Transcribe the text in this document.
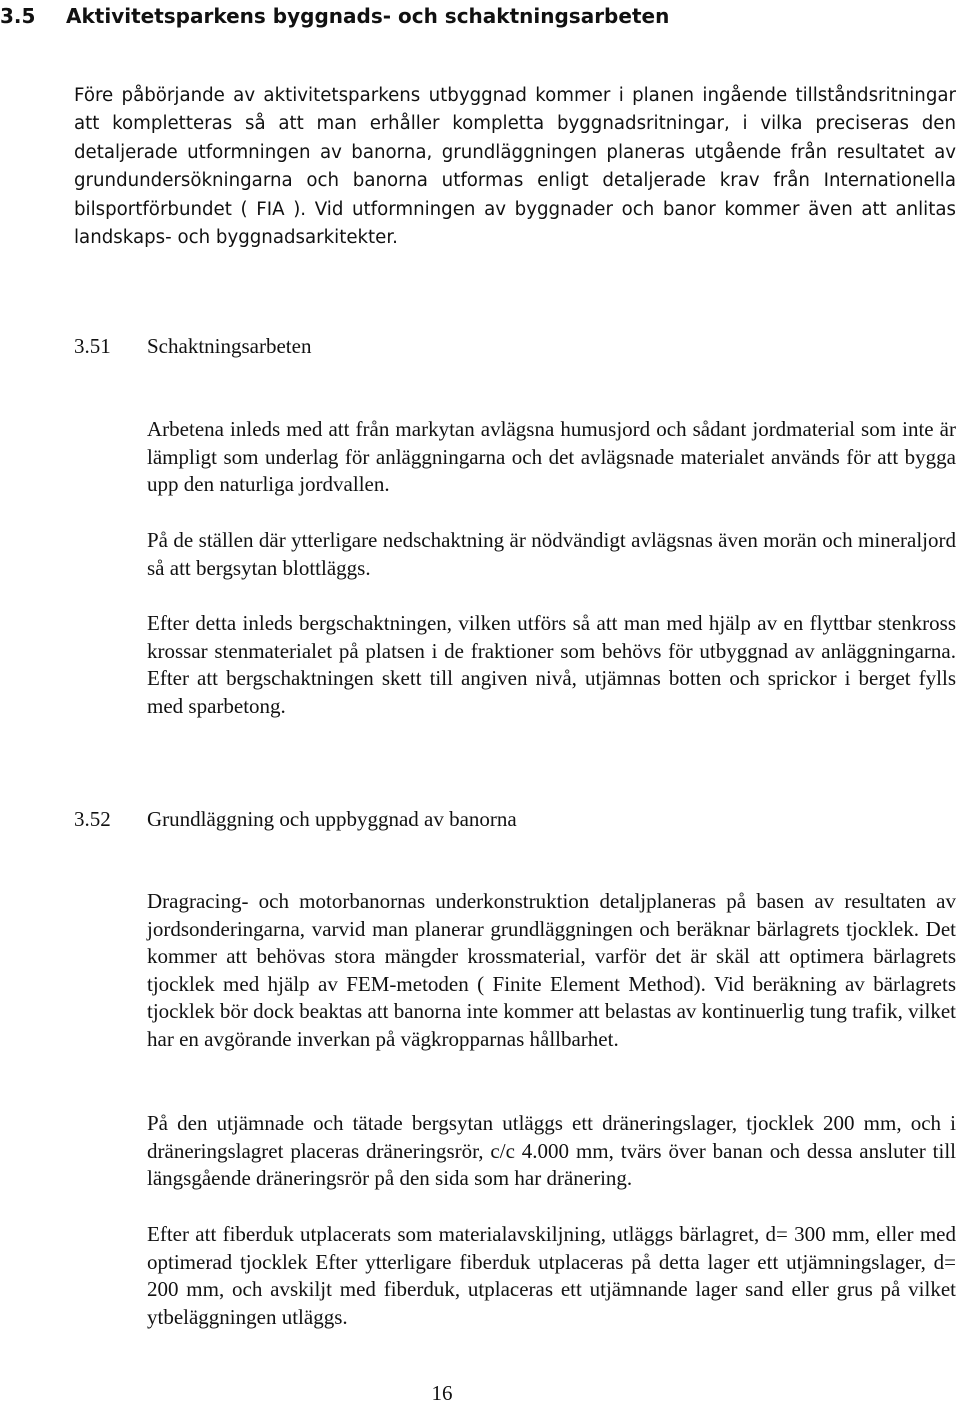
3.5 Aktivitetsparkens byggnads- och schaktningsarbeten

Före påbörjande av aktivitetsparkens utbyggnad kommer i planen ingående tillståndsritningar att kompletteras så att man erhåller kompletta byggnadsritningar, i vilka preciseras den detaljerade utformningen av banorna, grundläggningen planeras utgående från resultatet av grundundersökningarna och banorna utformas enligt detaljerade krav från Internationella bilsportförbundet ( FIA ). Vid utformningen av byggnader och banor kommer även att anlitas landskaps- och byggnadsarkitekter.

3.51 Schaktningsarbeten

Arbetena inleds med att från markytan avlägsna humusjord och sådant jordmaterial som inte är lämpligt som underlag för anläggningarna och det avlägsnade materialet används för att bygga upp den naturliga jordvallen.

På de ställen där ytterligare nedschaktning är nödvändigt avlägsnas även morän och mineraljord så att bergsytan blottläggs.

Efter detta inleds bergschaktningen, vilken utförs så att man med hjälp av en flyttbar stenkross krossar stenmaterialet på platsen i de fraktioner som behövs för utbyggnad av anläggningarna. Efter att bergschaktningen skett till angiven nivå, utjämnas botten och sprickor i berget fylls med sparbetong.

3.52 Grundläggning och uppbyggnad av banorna

Dragracing- och motorbanornas underkonstruktion detaljplaneras på basen av resultaten av jordsonderingarna, varvid man planerar grundläggningen och beräknar bärlagrets tjocklek. Det kommer att behövas stora mängder krossmaterial, varför det är skäl att optimera bärlagrets tjocklek med hjälp av FEM-metoden ( Finite Element Method). Vid beräkning av bärlagrets tjocklek bör dock beaktas att banorna inte kommer att belastas av kontinuerlig tung trafik, vilket har en avgörande inverkan på vägkropparnas hållbarhet.

På den utjämnade och tätade bergsytan utläggs ett dräneringslager, tjocklek 200 mm, och i dräneringslagret placeras dräneringsrör, c/c 4.000 mm, tvärs över banan och dessa ansluter till längsgående dräneringsrör på den sida som har dränering.

Efter att fiberduk utplacerats som materialavskiljning, utläggs bärlagret, d= 300 mm, eller med optimerad tjocklek Efter ytterligare fiberduk utplaceras på detta lager ett utjämningslager, d= 200 mm, och avskiljt med fiberduk, utplaceras ett utjämnande lager sand eller grus på vilket ytbeläggningen utläggs.

16
